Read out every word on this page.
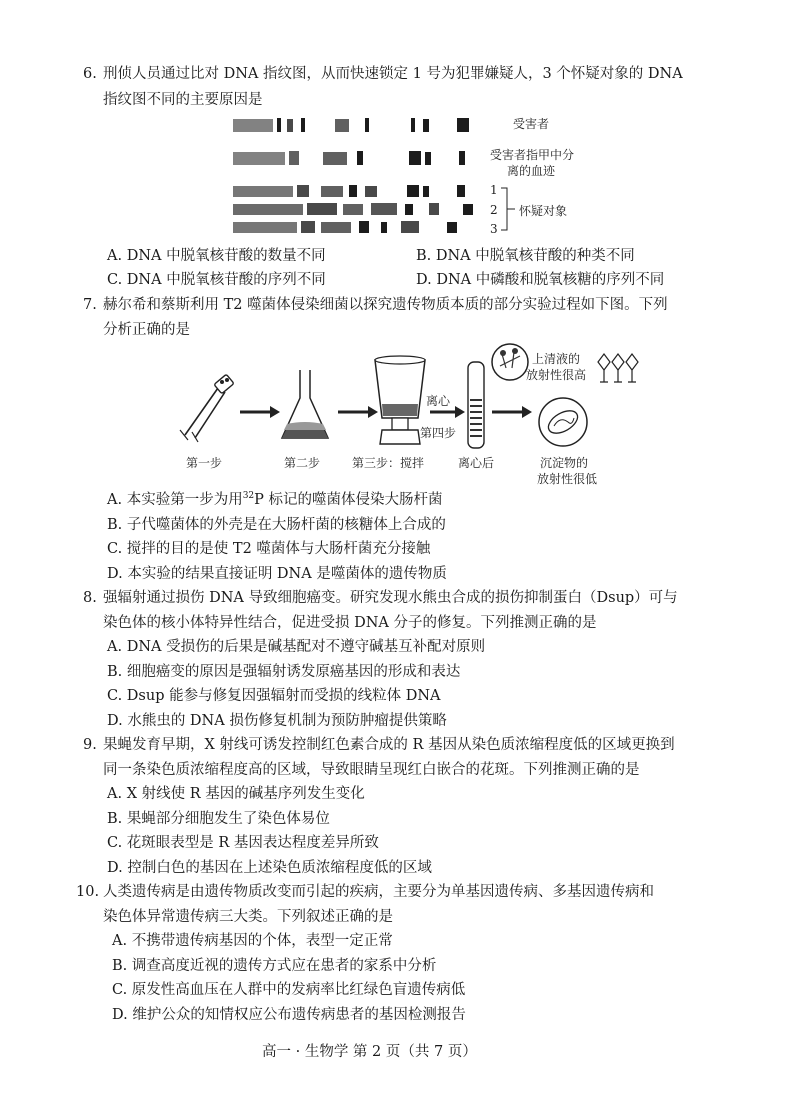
6. 刑侦人员通过比对 DNA 指纹图，从而快速锁定 1 号为犯罪嫌疑人，3 个怀疑对象的 DNA
指纹图不同的主要原因是
受害者
受害者指甲中分
离的血迹
1
2
3
怀疑对象
A. DNA 中脱氧核苷酸的数量不同	B. DNA 中脱氧核苷酸的种类不同
C. DNA 中脱氧核苷酸的序列不同	D. DNA 中磷酸和脱氧核糖的序列不同
7. 赫尔希和蔡斯利用 T2 噬菌体侵染细菌以探究遗传物质本质的部分实验过程如下图。下列
分析正确的是
上清液的
放射性很高
离心
第四步
第一步	第二步	第三步：搅拌	离心后	沉淀物的
放射性很低
A. 本实验第一步为用$^{32}$P 标记的噬菌体侵染大肠杆菌
B. 子代噬菌体的外壳是在大肠杆菌的核糖体上合成的
C. 搅拌的目的是使 T2 噬菌体与大肠杆菌充分接触
D. 本实验的结果直接证明 DNA 是噬菌体的遗传物质
8. 强辐射通过损伤 DNA 导致细胞癌变。研究发现水熊虫合成的损伤抑制蛋白（Dsup）可与
染色体的核小体特异性结合，促进受损 DNA 分子的修复。下列推测正确的是
A. DNA 受损伤的后果是碱基配对不遵守碱基互补配对原则
B. 细胞癌变的原因是强辐射诱发原癌基因的形成和表达
C. Dsup 能参与修复因强辐射而受损的线粒体 DNA
D. 水熊虫的 DNA 损伤修复机制为预防肿瘤提供策略
9. 果蝇发育早期，X 射线可诱发控制红色素合成的 R 基因从染色质浓缩程度低的区域更换到
同一条染色质浓缩程度高的区域，导致眼睛呈现红白嵌合的花斑。下列推测正确的是
A. X 射线使 R 基因的碱基序列发生变化
B. 果蝇部分细胞发生了染色体易位
C. 花斑眼表型是 R 基因表达程度差异所致
D. 控制白色的基因在上述染色质浓缩程度低的区域
10. 人类遗传病是由遗传物质改变而引起的疾病，主要分为单基因遗传病、多基因遗传病和
染色体异常遗传病三大类。下列叙述正确的是
A. 不携带遗传病基因的个体，表型一定正常
B. 调查高度近视的遗传方式应在患者的家系中分析
C. 原发性高血压在人群中的发病率比红绿色盲遗传病低
D. 维护公众的知情权应公布遗传病患者的基因检测报告
高一 · 生物学 第 2 页（共 7 页）
